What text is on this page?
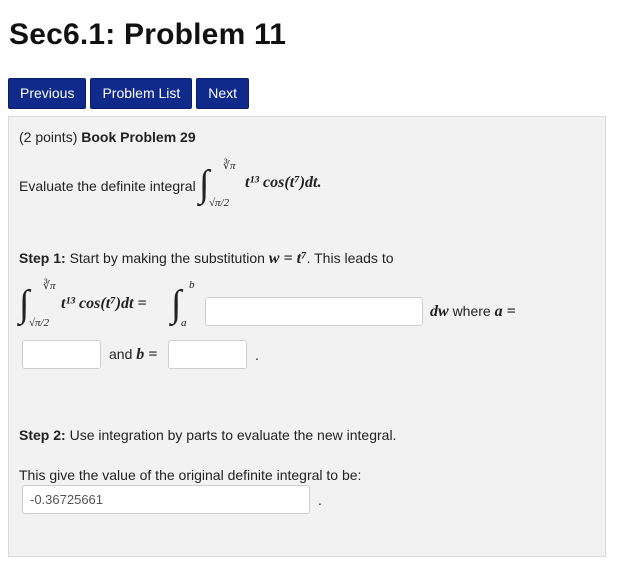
Sec6.1: Problem 11
Previous	Problem List	Next
(2 points) Book Problem 29
Evaluate the definite integral ∫ ∛π
√π/2
t¹³ cos(t⁷)dt.
Step 1: Start by making the substitution w = t⁷. This leads to
∫ ∛π
√π/2
t¹³ cos(t⁷)dt = ∫ b
a
dw where a =
and b =	.
Step 2: Use integration by parts to evaluate the new integral.
This give the value of the original definite integral to be:
-0.36725661
.
